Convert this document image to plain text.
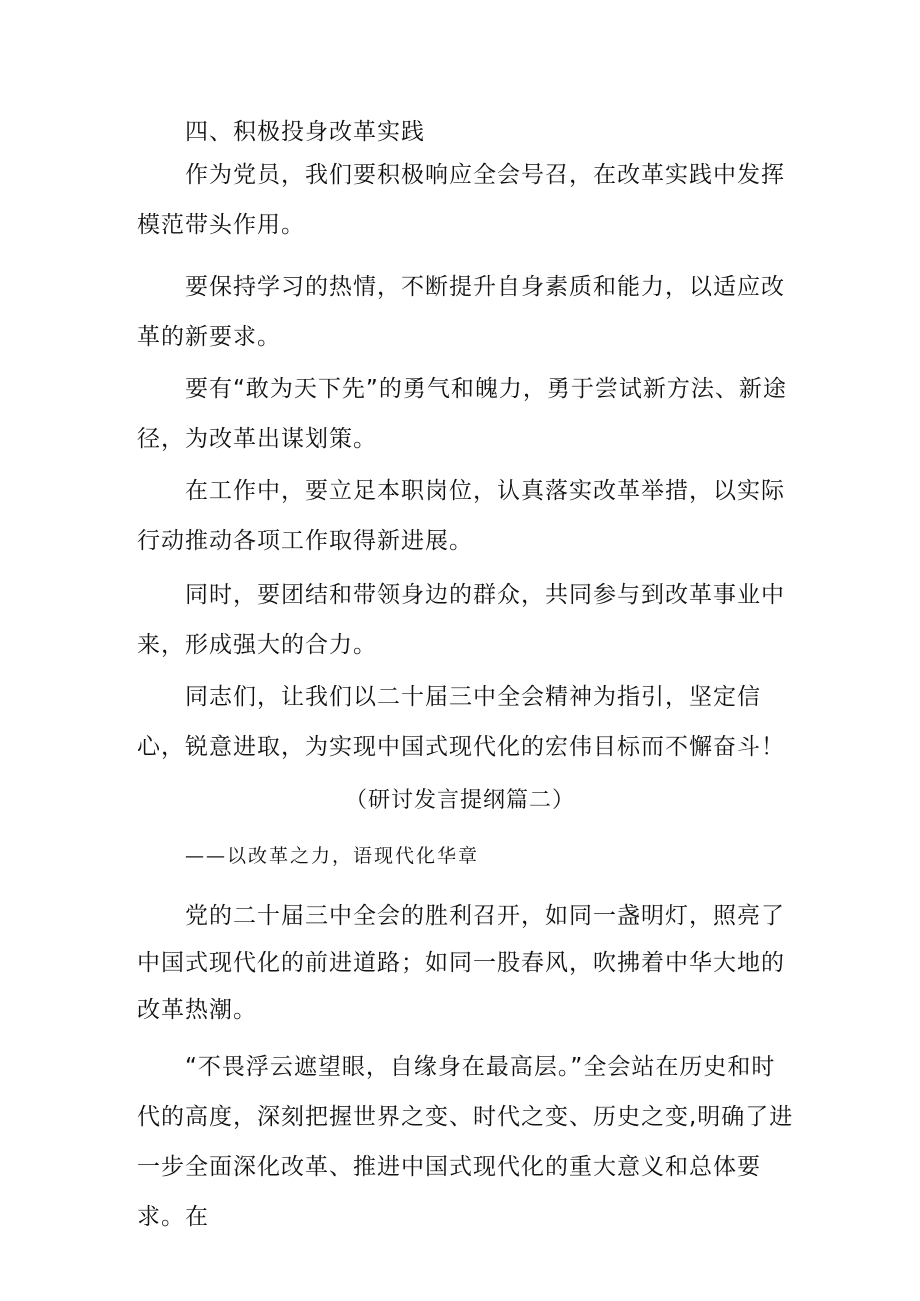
四、积极投身改革实践

作为党员，我们要积极响应全会号召，在改革实践中发挥模范带头作用。

要保持学习的热情，不断提升自身素质和能力，以适应改革的新要求。

要有“敢为天下先”的勇气和魄力，勇于尝试新方法、新途径，为改革出谋划策。

在工作中，要立足本职岗位，认真落实改革举措，以实际行动推动各项工作取得新进展。

同时，要团结和带领身边的群众，共同参与到改革事业中来，形成强大的合力。

同志们，让我们以二十届三中全会精神为指引，坚定信心，锐意进取，为实现中国式现代化的宏伟目标而不懈奋斗！

（研讨发言提纲篇二）
——以改革之力，语现代化华章

党的二十届三中全会的胜利召开，如同一盏明灯，照亮了中国式现代化的前进道路；如同一股春风，吹拂着中华大地的改革热潮。

“不畏浮云遮望眼，自缘身在最高层。”全会站在历史和时代的高度，深刻把握世界之变、时代之变、历史之变,明确了进一步全面深化改革、推进中国式现代化的重大意义和总体要求。在
